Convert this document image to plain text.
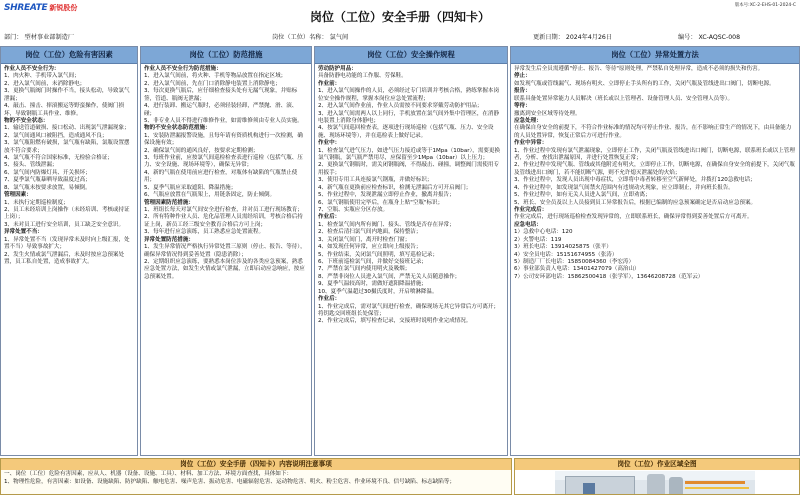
SHREATE 新锐股份
岗位（工位）安全手册（四知卡）
版本号:XC-2-EHS-01-2024-C
部门： 型材事业部制造厂	岗位（工位）名称： 氯气间	更新日期： 2024年4月26日	编号： XC-AQSC-008
岗位（工位）危险有害因素

作业人员不安全行为：

1、肉火种、手机带入氯气间；

2、进入氯气间前，未消除静电；

3、更换气瓶阀门时操作不当，接头松动，导致氯气泄漏；

4、敲击、撞击、摔滚搬运等野蛮操作，使阀门损坏，导致钢瓶工具作业、维修。

物的不安全状态：

1、输送管道破损、接口松动、出现氯气泄漏现象；

2、氯气间通风口被阻挡，造成通风不良；

3、氯气瓶阻燃有破损，氯气瓶有缺陷，氯瓶设置摆放不符合要求；

4、氯气瓶不符合国家标准，无检验合格证；

5、接头、管线泄漏；

6、氯气间内防爆灯具、开关损坏；

7、夏季氯气瓶暴晒导致温度过高；

8、氯气瓶未按要求放置，易倾倒。

管理因素：

1、未执行定期巡检制度；

2、员工未经培训上岗操作（未经培训、考核或持证上岗）；

3、未对员工进行安全培训，员工缺乏安全意识。

异常处置不当：

1、异常处置不当（发现异常未及时向上级汇报，处置不当）导致事故扩大；

2、发生火情或氯气泄漏后，未及时按应急预案处置，员工私自处置，造成事故扩大。

岗位（工位）防范措施

作业人员不安全行为防范措施：

1、进入氯气间前，将火种、手机等物品放置在指定区域；

2、进入氯气间前，先在门口消除静电装置上消除静电；

3、每次更换气瓶后，应仔细检查接头处有无漏气现象，并贴标签，管道、瓶阀无泄漏；

4、进行装卸、搬运气瓶时，必须轻装轻卸，严禁抛、滑、滚、碰；

5、非专业人员不得进行维修作业，如需维修须由专业人员实施。

物的不安全状态防范措施：

1、安装防泄漏报警设施，且每年请有资质机构进行一次检测，确保设施有效；

2、确保氯气间的通风良好，按要求定期检测；

3、每班作业前，应按氯气间巡检检查表进行巡检（包括气瓶、压力、安全设施、现场环境等），确保无异常；

4、新的气瓶在使用前应进行检查，对瓶体有缺陷的气瓶禁止使用；

5、夏季气瓶应采取遮阳、降温措施；

6、气瓶应放置在气瓶架上，用链条固定，防止倾倒。

管理因素防范措施：

1、班组长每天对氯气间安全进行检查，并对员工进行现场教育；

2、所有特种作业人员、危化品管理人员需经培训，考核合格后持证上岗，新员工经三级安全教育合格后方可上岗；

3、每年进行应急演练，员工熟悉应急处置流程。

异常处置防范措施：

1、发生异常情况严格执行异常处置三原则（停止、报告、等待），确保异常情况得到妥善处置（隐患消除）；

2、定期组织应急演练，要熟悉本岗位涉及的各类应急预案，熟悉应急处置方法，如发生火情或氯气泄漏，立即启动应急响应，按应急预案处置。

岗位（工位）安全操作规程

劳动防护用品：

具备防静电功能的工作服、劳保鞋。

作业前：

1、进入氯气间操作的人员，必须经过专门培训并考核合格，熟练掌握本岗位安全操作规程，掌握本岗位应急处置流程；

2、进入氯气间作业前，作业人员需按不同要求穿戴劳动防护用品；

3、进入氯气间需两人以上同行，手机放置在氯气间外集中管理区，在消静电装置上消除身体静电；

4、按氯气间巡回检查表，逐项进行现场巡检（包括气瓶、压力、安全设施、现场环境等），并在巡检表上做好记录。

作业中：

1、检查氯气进气压力，如进气压力接近或等于1Mpa（10bar），需要更换氯气钢瓶，氯气瓶严禁用尽，应保留至少1Mpa（10bar）以上压力；

2、更换氯气钢瓶时，需关闭钢瓶阀，不得敲击、碰撞，调整阀门需使用专用扳手；

3、使用专用工具连接氯气钢瓶，并做好标识；

4、新气瓶在更换前应检查标识，检测无泄漏后方可开启阀门；

5、作业过程中，发现泄漏立即停止作业，撤离并报告；

6、氯气钢瓶使用完毕后，在瓶身上贴"空瓶"标识；

7、空瓶、实瓶应分区存放。

作业后：

1、检查氯气间内所有阀门、接头、管线是否存在异常；

2、检查后清扫氯气间内地面，保持整洁；

3、关闭氯气间门，离开时检查门窗；

4、如发现任何异常，应立即向上级报告；

5、作业结束，关闭氯气间照明，填写巡检记录；

6、下班前巡检氯气间，并做好交接班记录；

7、严禁在氯气间内使用明火及吸烟；

8、严禁非岗位人员进入氯气间，严禁无关人员随意操作；

9、夏季气温较高时，需做好遮阳降温措施；

10、夏季气温超过30摄氏度时，开启喷淋降温。

作业后：

1、作业完成后，需对氯气间进行检查，确保现场无其它异常后方可离开；将钥匙交回班组长处保管；

2、作业完成后，填写检查记录，交接班时说明作业完成情况。

岗位（工位）异常处置方法

异常发生后全员需遵循"停止、报告、等待"原则处理，严禁私自处理异常，造成不必须的损失和伤害。

停止：

如发现气瓶或管线漏气、现场有明火、立即停止手头所有的工作，关闭气瓶及管线进出口阀门，切断电源。

报告：

联系具备处置异常能力人员解决（班长或以上管理者、设备管理人员、安全管理人员等）。

等待：

撤离到安全区域等待处理。

应急处理：

在确保自身安全的前提下，不符合作业标准的情况均可停止作业、报告，在不影响正常生产的情况下，由具备能力的人员处置异常，恢复正常后方可进行作业。

作业中异常：

1、作业过程中发现有氯气泄漏现象，立即停止工作，关闭气瓶及管线进出口阀门，切断电源，联系班长或以上管理者，分析、查找出泄漏原因，并进行处置恢复正常；

2、作业过程中发现气瓶、管线或其他附近有明火，立即停止工作，切断电源，在确保自身安全的前提下，关闭气瓶及管线进出口阀门，若不能切断气源，则不允许熄灭泄漏处的火焰；

3、作业过程中，发现人员出现中毒症状，立即将中毒者转移至空气新鲜处，并拨打120急救电话；

4、作业过程中，如发现氯气间禁火范围内有违规动火现象，应立即制止，并向班长报告。

5、作业过程中，如有无关人员进入氯气间，立即劝离；

5、班长、安全员及以上人员接到员工异常报告后，根据已编制的应急预案确定是否启动应急预案。

作业完成后：

作业完成后，进行现场巡检检查发现异常的，立即联系班长，确保异常得到妥善处置后方可离开。

应急电话：

1）急救中心电话：120

2）火警电话：119

3）班长电话：13914025875（张平）

4）安全员电话：15151674955（张涛）

5）制造厂厂长电话：15850084360（李宏涛）

6）事业部负责人电话：13401427079（高治山）

7）公司安环部电话：15862500418（张学军），13646208728（范军云）

岗位（工位）安全手册（四知卡）内容说明注意事项

一、岗位（工位）危险有害因素，应从人、机器（设备、设施、工具）、材料、加工方法、环境方面查找，具体如下：

1、物理性危险，有害因素：如设备、设施缺陷、防护缺陷、触电危害、噪声危害、振动危害、电磁辐射危害、运动物危害、明火、粉尘危害、作业环境不良、信号缺陷、标志缺陷等；

岗位（工位）作业区域全图
